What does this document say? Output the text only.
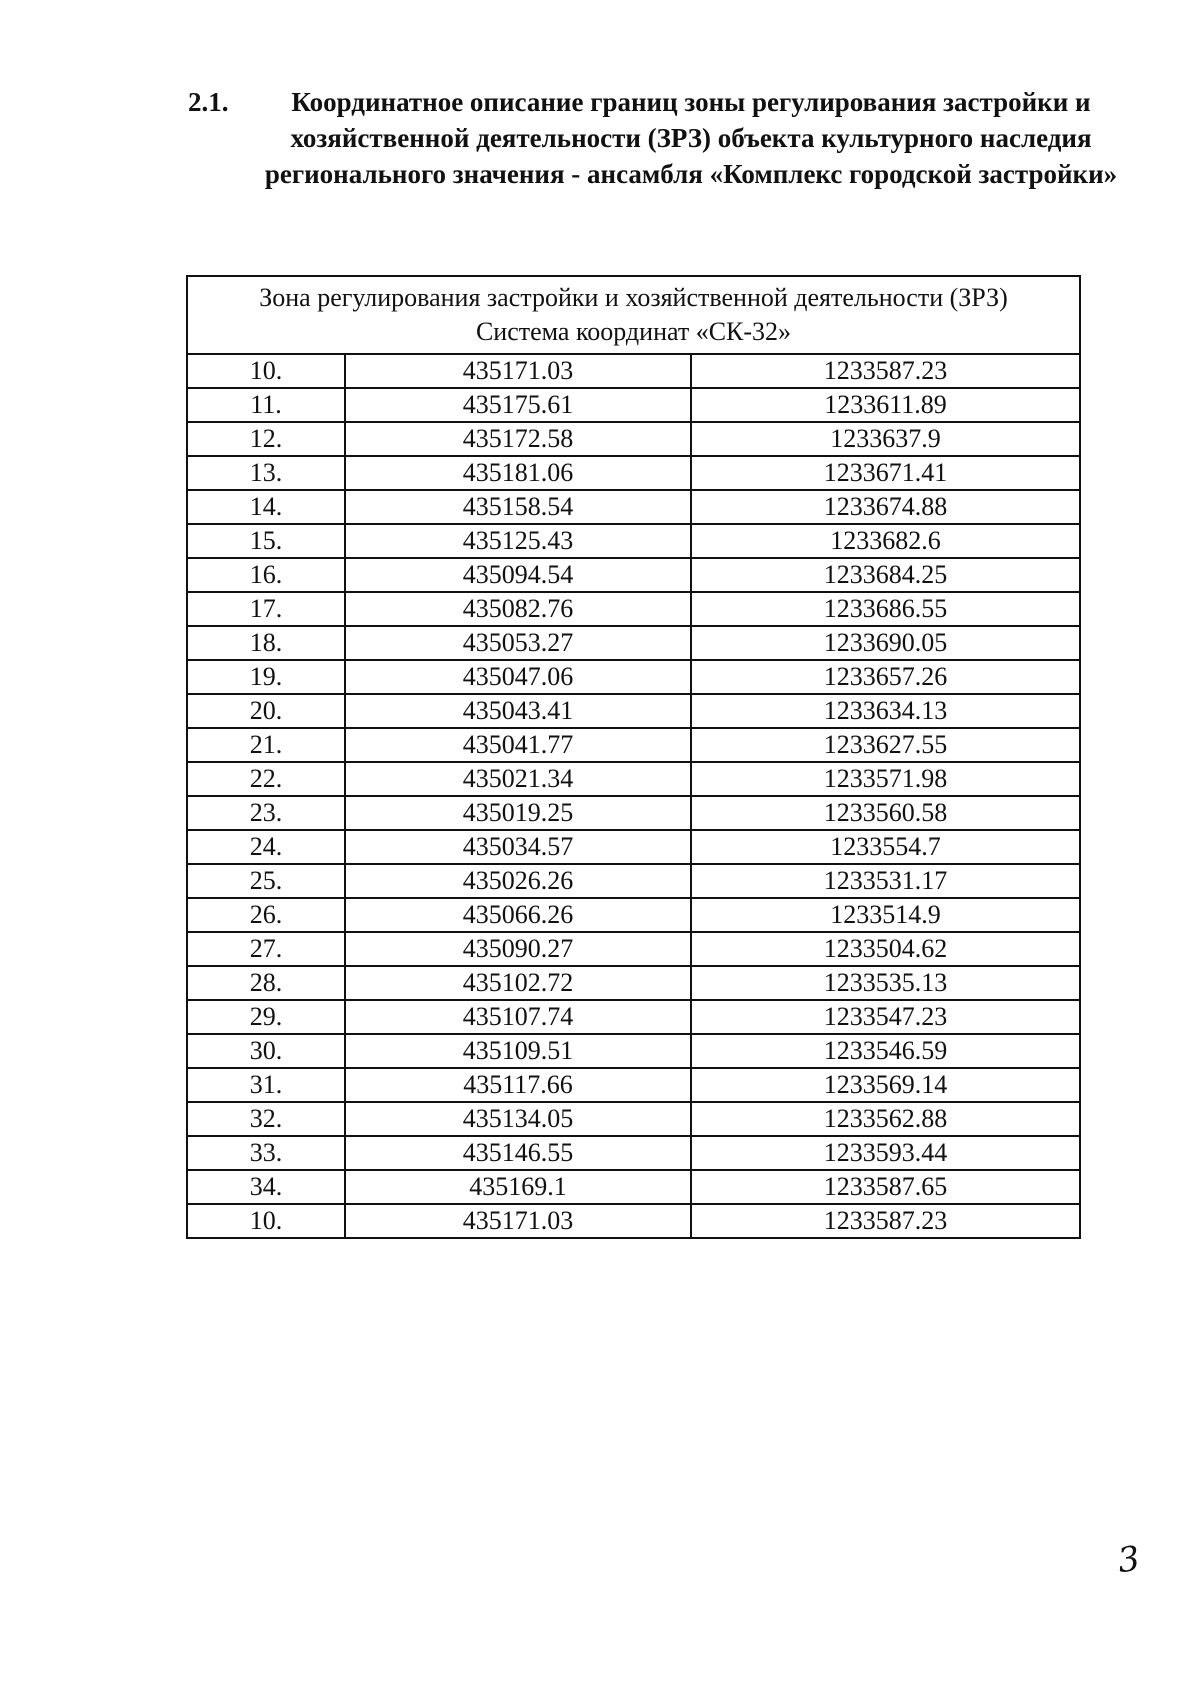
2.1.	Координатное описание границ зоны регулирования застройки и хозяйственной деятельности (ЗРЗ) объекта культурного наследия регионального значения - ансамбля «Комплекс городской застройки»
Зона регулирования застройки и хозяйственной деятельности (ЗРЗ)
Система координат «СК-32»		

10.	435171.03	1233587.23
11.	435175.61	1233611.89
12.	435172.58	1233637.9
13.	435181.06	1233671.41
14.	435158.54	1233674.88
15.	435125.43	1233682.6
16.	435094.54	1233684.25
17.	435082.76	1233686.55
18.	435053.27	1233690.05
19.	435047.06	1233657.26
20.	435043.41	1233634.13
21.	435041.77	1233627.55
22.	435021.34	1233571.98
23.	435019.25	1233560.58
24.	435034.57	1233554.7
25.	435026.26	1233531.17
26.	435066.26	1233514.9
27.	435090.27	1233504.62
28.	435102.72	1233535.13
29.	435107.74	1233547.23
30.	435109.51	1233546.59
31.	435117.66	1233569.14
32.	435134.05	1233562.88
33.	435146.55	1233593.44
34.	435169.1	1233587.65
10.	435171.03	1233587.23
3
